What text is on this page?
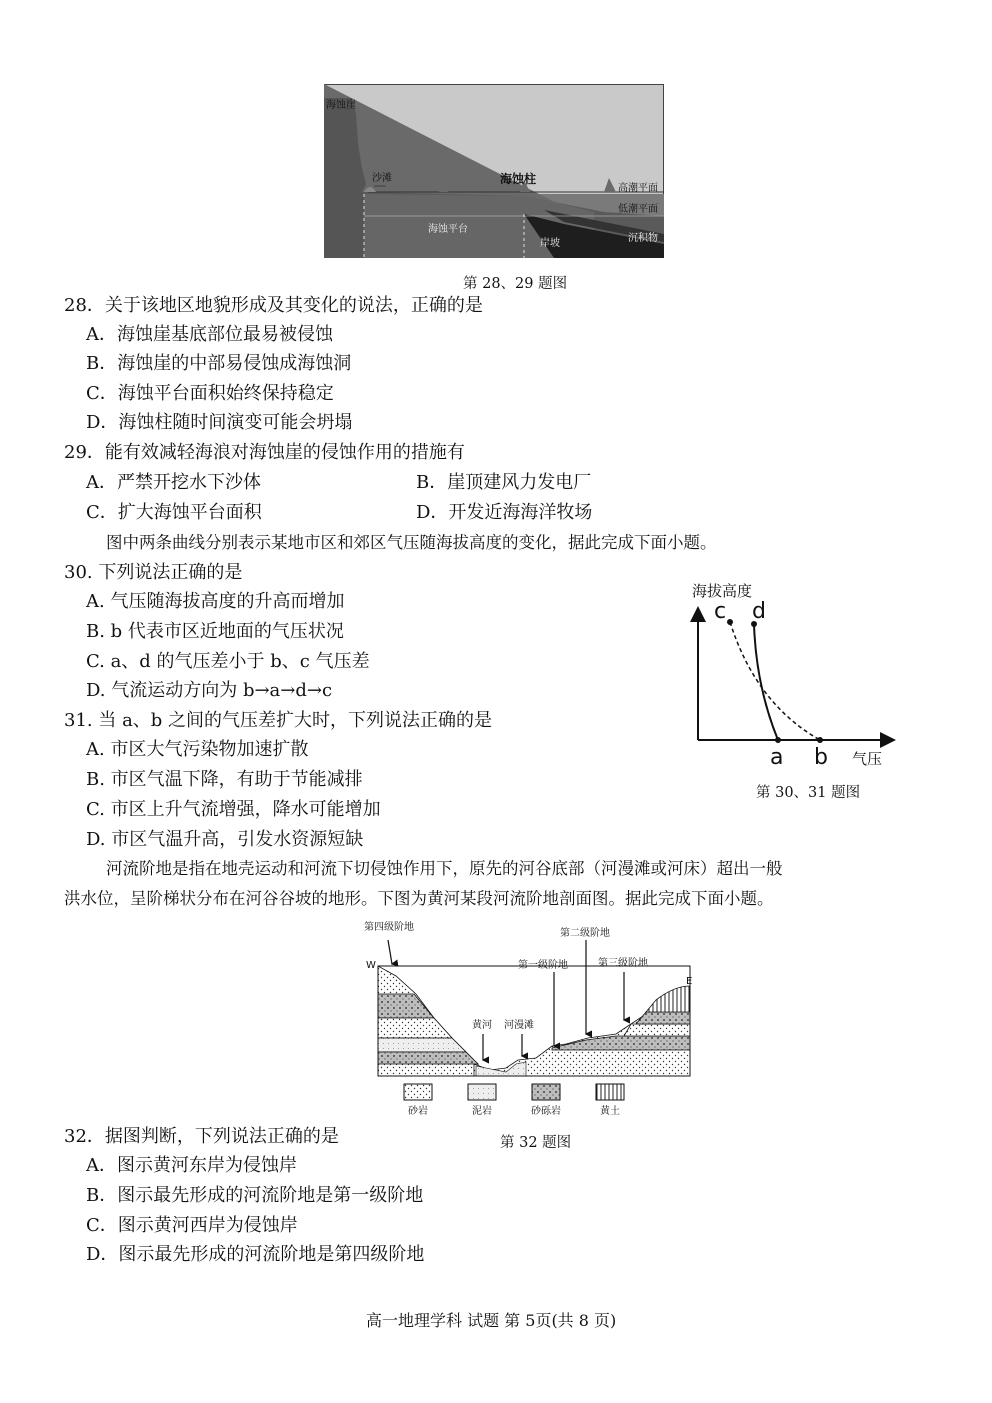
海蚀崖
沙滩	海蚀柱
高潮平面
低潮平面
海蚀平台
岸坡	沉积物
第 28、29 题图
28．关于该地区地貌形成及其变化的说法，正确的是
A．海蚀崖基底部位最易被侵蚀
B．海蚀崖的中部易侵蚀成海蚀洞
C．海蚀平台面积始终保持稳定
D．海蚀柱随时间演变可能会坍塌
29．能有效减轻海浪对海蚀崖的侵蚀作用的措施有
A．严禁开挖水下沙体	B．崖顶建风力发电厂
C．扩大海蚀平台面积	D．开发近海海洋牧场
图中两条曲线分别表示某地市区和郊区气压随海拔高度的变化，据此完成下面小题。
30. 下列说法正确的是
A. 气压随海拔高度的升高而增加
B. b 代表市区近地面的气压状况
C. a、d 的气压差小于 b、c 气压差
D. 气流运动方向为 b→a→d→c
海拔高度
c d
a b 气压
第 30、31 题图
31. 当 a、b 之间的气压差扩大时，下列说法正确的是
A. 市区大气污染物加速扩散
B. 市区气温下降，有助于节能减排
C. 市区上升气流增强，降水可能增加
D. 市区气温升高，引发水资源短缺
河流阶地是指在地壳运动和河流下切侵蚀作用下，原先的河谷底部（河漫滩或河床）超出一般
洪水位，呈阶梯状分布在河谷谷坡的地形。下图为黄河某段河流阶地剖面图。据此完成下面小题。
第四级阶地
第二级阶地
第一级阶地	第三级阶地
W
E
黄河 河漫滩
砂岩	泥岩	砂砾岩	黄土
第 32 题图
32．据图判断，下列说法正确的是
A．图示黄河东岸为侵蚀岸
B．图示最先形成的河流阶地是第一级阶地
C．图示黄河西岸为侵蚀岸
D．图示最先形成的河流阶地是第四级阶地
高一地理学科 试题 第 5页(共 8 页)
